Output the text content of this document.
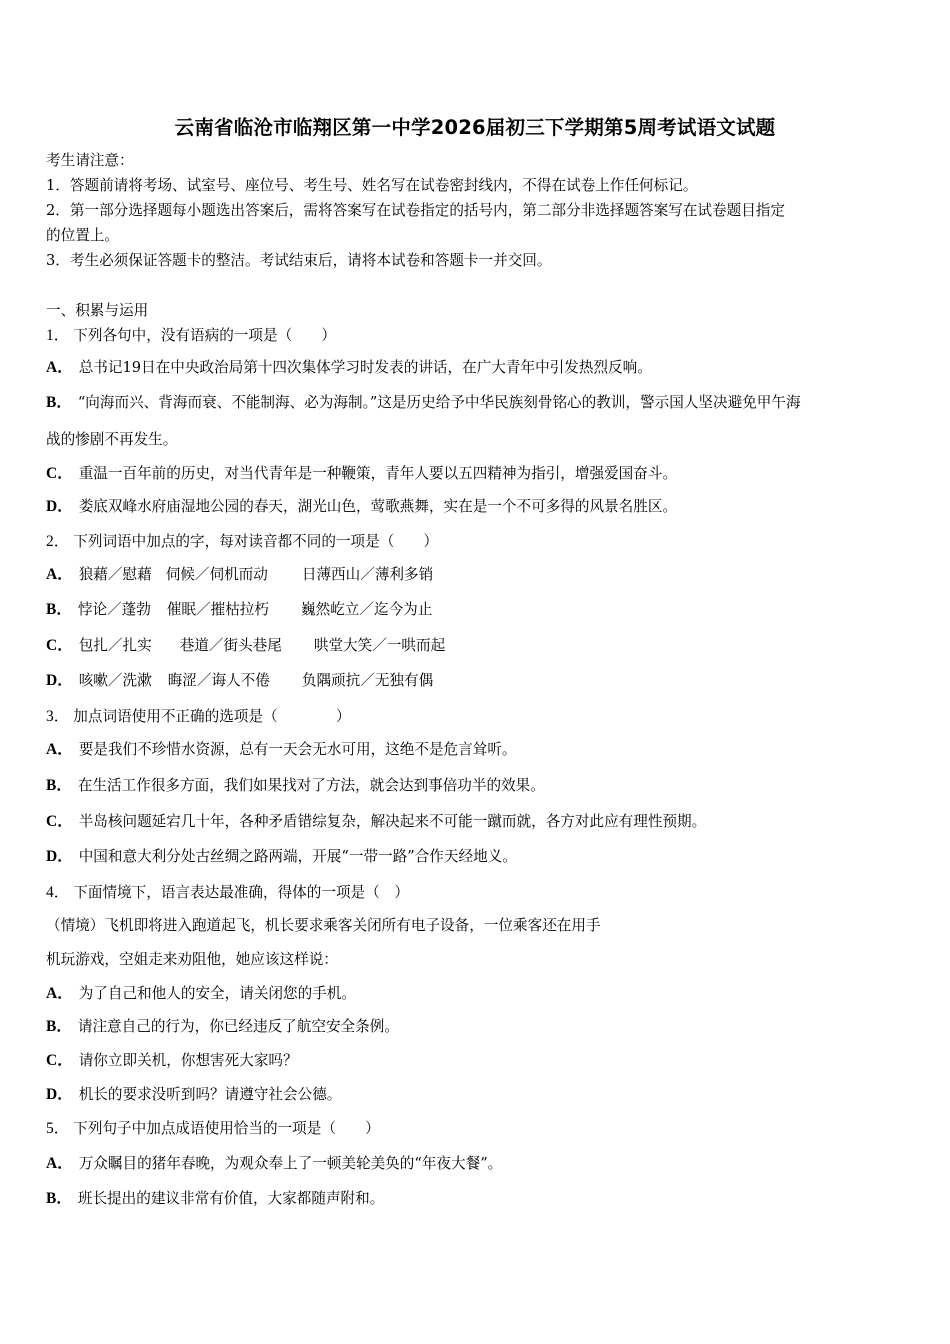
云南省临沧市临翔区第一中学2026届初三下学期第5周考试语文试题
考生请注意：
1．答题前请将考场、试室号、座位号、考生号、姓名写在试卷密封线内，不得在试卷上作任何标记。
2．第一部分选择题每小题选出答案后，需将答案写在试卷指定的括号内，第二部分非选择题答案写在试卷题目指定
的位置上。
3．考生必须保证答题卡的整洁。考试结束后，请将本试卷和答题卡一并交回。
一、积累与运用
1． 下列各句中，没有语病的一项是（　　）
A． 总书记19日在中央政治局第十四次集体学习时发表的讲话，在广大青年中引发热烈反响。
B． “向海而兴、背海而衰、不能制海、必为海制。”这是历史给予中华民族刻骨铭心的教训，警示国人坚决避免甲午海
战的惨剧不再发生。
C． 重温一百年前的历史，对当代青年是一种鞭策，青年人要以五四精神为指引，增强爱国奋斗。
D． 娄底双峰水府庙湿地公园的春天，湖光山色，莺歌燕舞，实在是一个不可多得的风景名胜区。
2． 下列词语中加点的字，每对读音都不同的一项是（　　）
A． 狼藉／慰藉 伺候／伺机而动 日薄西山／薄利多销
B． 悖论／蓬勃 催眠／摧枯拉朽 巍然屹立／迄今为止
C． 包扎／扎实 巷道／街头巷尾 哄堂大笑／一哄而起
D． 咳嗽／洗漱 晦涩／诲人不倦 负隅顽抗／无独有偶
3． 加点词语使用不正确的选项是（　　　　）
A． 要是我们不珍惜水资源，总有一天会无水可用，这绝不是危言耸听。
B． 在生活工作很多方面，我们如果找对了方法，就会达到事倍功半的效果。
C． 半岛核问题延宕几十年，各种矛盾错综复杂，解决起来不可能一蹴而就，各方对此应有理性预期。
D． 中国和意大利分处古丝绸之路两端，开展“一带一路”合作天经地义。
4． 下面情境下，语言表达最准确，得体的一项是（　）
（情境）飞机即将进入跑道起飞，机长要求乘客关闭所有电子设备，一位乘客还在用手
机玩游戏，空姐走来劝阻他，她应该这样说：
A． 为了自己和他人的安全，请关闭您的手机。
B． 请注意自己的行为，你已经违反了航空安全条例。
C． 请你立即关机，你想害死大家吗？
D． 机长的要求没听到吗？请遵守社会公德。
5． 下列句子中加点成语使用恰当的一项是（　　）
A． 万众瞩目的猪年春晚，为观众奉上了一顿美轮美奂的“年夜大餐”。
B． 班长提出的建议非常有价值，大家都随声附和。
